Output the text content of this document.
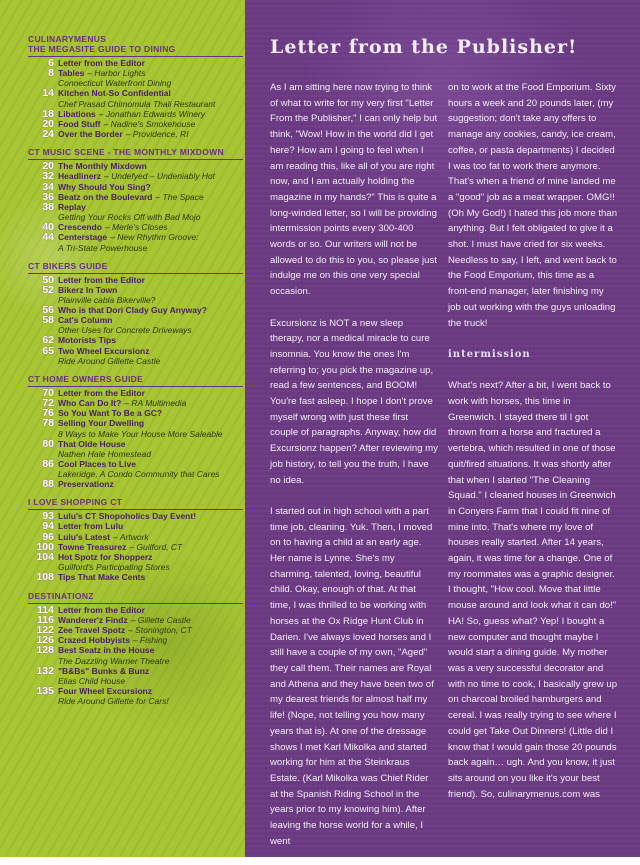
CULINARYMENUS
THE MEGASITE GUIDE TO DINING
6 Letter from the Editor
8 Tables – Harbor Lights
Connecticut Waterfront Dining
14 Kitchen Not-So Confidential
Chef Prasad Chimomula Thali Restaurant
18 Libations – Jonathan Edwards Winery
20 Food Stuff – Nadine's Smokehouse
24 Over the Border – Providence, RI
CT MUSIC SCENE - THE MONTHLY MIXDOWN
20 The Monthly Mixdown
32 Headlinerz – Undefyed – Undeniably Hot
34 Why Should You Sing?
36 Beatz on the Boulevard – The Space
38 Replay
Getting Your Rocks Off with Bad Mojo
40 Crescendo – Merle's Closes
44 Centerstage – New Rhythm Groove:
A Tri-State Powerhouse
CT BIKERS GUIDE
50 Letter from the Editor
52 Bikerz In Town
Plainville cabla Bikerville?
56 Who is that Dori Clady Guy Anyway?
58 Cat's Column
Other Uses for Concrete Driveways
62 Motorists Tips
65 Two Wheel Excursionz
Ride Around Gillette Castle
CT HOME OWNERS GUIDE
70 Letter from the Editor
72 Who Can Do It? – RA Multimedia
76 So You Want To Be a GC?
78 Selling Your Dwelling
8 Ways to Make Your House More Saleable
80 That Olde House
Nathen Hale Homestead
86 Cool Places to Live
Lakeridge, A Condo Community that Cares
88 Preservationz
I LOVE SHOPPING CT
93 Lulu's CT Shopoholics Day Event!
94 Letter from Lulu
96 Lulu's Latest – Artwork
100 Towne Treasurez – Guilford, CT
104 Hot Spotz for Shopperz
Guilford's Participating Stores
108 Tips That Make Cents
DESTINATIONZ
114 Letter from the Editor
116 Wanderer'z Findz – Gillette Castle
122 Zee Travel Spotz – Stonington, CT
126 Crazed Hobbyists – Fishing
128 Best Seatz in the House
The Dazzling Warner Theatre
132 "B&Bs" Bunks & Bunz
Elias Child House
135 Four Wheel Excursionz
Ride Around Gillette for Cars!
Letter from the Publisher!

As I am sitting here now trying to think of what to write for my very first "Letter From the Publisher," I can only help but think, "Wow! How in the world did I get here? How am I going to feel when I am reading this, like all of you are right now, and I am actually holding the magazine in my hands?" This is quite a long-winded letter, so I will be providing intermission points every 300-400 words or so. Our writers will not be allowed to do this to you, so please just indulge me on this one very special occasion.

Excursionz is NOT a new sleep therapy, nor a medical miracle to cure insomnia. You know the ones I'm referring to; you pick the magazine up, read a few sentences, and BOOM! You're fast asleep. I hope I don't prove myself wrong with just these first couple of paragraphs. Anyway, how did Excursionz happen? After reviewing my job history, to tell you the truth, I have no idea.

I started out in high school with a part time job, cleaning. Yuk. Then, I moved on to having a child at an early age. Her name is Lynne. She's my charming, talented, loving, beautiful child. Okay, enough of that. At that time, I was thrilled to be working with horses at the Ox Ridge Hunt Club in Darien. I've always loved horses and I still have a couple of my own, "Aged" they call them. Their names are Royal and Athena and they have been two of my dearest friends for almost half my life! (Nope, not telling you how many years that is). At one of the dressage shows I met Karl Mikolka and started working for him at the Steinkraus Estate. (Karl Mikolka was Chief Rider at the Spanish Riding School in the years prior to my knowing him). After leaving the horse world for a while, I went

on to work at the Food Emporium. Sixty hours a week and 20 pounds later, (my suggestion; don't take any offers to manage any cookies, candy, ice cream, coffee, or pasta departments) I decided I was too fat to work there anymore. That's when a friend of mine landed me a "good" job as a meat wrapper. OMG!! (Oh My God!) I hated this job more than anything. But I felt obligated to give it a shot. I must have cried for six weeks. Needless to say, I left, and went back to the Food Emporium, this time as a front-end manager, later finishing my job out working with the guys unloading the truck!

intermission

What's next? After a bit, I went back to work with horses, this time in Greenwich. I stayed there til I got thrown from a horse and fractured a vertebra, which resulted in one of those quit/fired situations. It was shortly after that when I started "The Cleaning Squad." I cleaned houses in Greenwich in Conyers Farm that I could fit nine of mine into. That's where my love of houses really started. After 14 years, again, it was time for a change. One of my roommates was a graphic designer. I thought, "How cool. Move that little mouse around and look what it can do!" HA! So, guess what? Yep! I bought a new computer and thought maybe I would start a dining guide. My mother was a very successful decorator and with no time to cook, I basically grew up on charcoal broiled hamburgers and cereal. I was really trying to see where I could get Take Out Dinners! (Little did I know that I would gain those 20 pounds back again… ugh. And you know, it just sits around on you like it's your best friend). So, culinarymenus.com was
